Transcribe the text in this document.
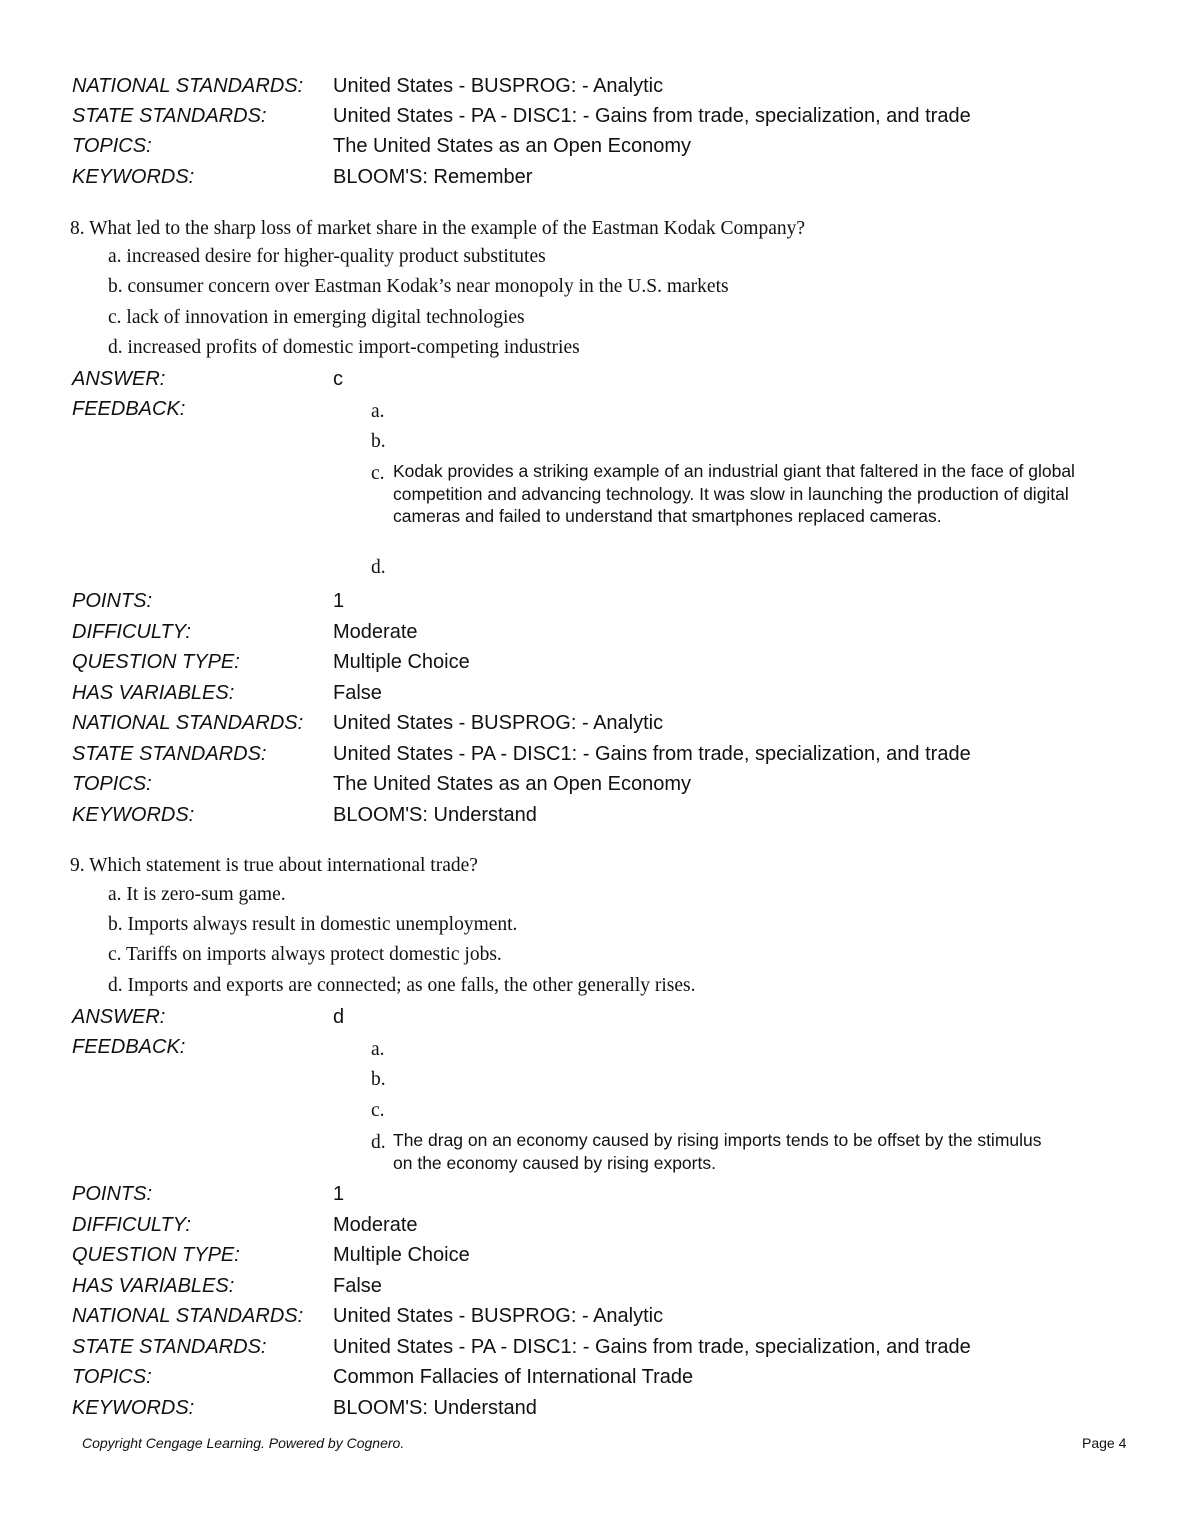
NATIONAL STANDARDS: United States - BUSPROG: - Analytic
STATE STANDARDS:	United States - PA - DISC1: - Gains from trade, specialization, and trade
TOPICS:	The United States as an Open Economy
KEYWORDS:	BLOOM'S: Remember
8. What led to the sharp loss of market share in the example of the Eastman Kodak Company?
a. increased desire for higher-quality product substitutes
b. consumer concern over Eastman Kodak’s near monopoly in the U.S. markets
c. lack of innovation in emerging digital technologies
d. increased profits of domestic import-competing industries
ANSWER:	c
FEEDBACK:	a.
b.
c. Kodak provides a striking example of an industrial giant that faltered in the face of global competition and advancing technology. It was slow in launching the production of digital cameras and failed to understand that smartphones replaced cameras.
d.
POINTS:	1
DIFFICULTY:	Moderate
QUESTION TYPE:	Multiple Choice
HAS VARIABLES:	False
NATIONAL STANDARDS: United States - BUSPROG: - Analytic
STATE STANDARDS:	United States - PA - DISC1: - Gains from trade, specialization, and trade
TOPICS:	The United States as an Open Economy
KEYWORDS:	BLOOM'S: Understand
9. Which statement is true about international trade?
a. It is zero-sum game.
b. Imports always result in domestic unemployment.
c. Tariffs on imports always protect domestic jobs.
d. Imports and exports are connected; as one falls, the other generally rises.
ANSWER:	d
FEEDBACK:	a.
b.
c.
d. The drag on an economy caused by rising imports tends to be offset by the stimulus on the economy caused by rising exports.
POINTS:	1
DIFFICULTY:	Moderate
QUESTION TYPE:	Multiple Choice
HAS VARIABLES:	False
NATIONAL STANDARDS: United States - BUSPROG: - Analytic
STATE STANDARDS:	United States - PA - DISC1: - Gains from trade, specialization, and trade
TOPICS:	Common Fallacies of International Trade
KEYWORDS:	BLOOM'S: Understand
Copyright Cengage Learning. Powered by Cognero.	Page 4
